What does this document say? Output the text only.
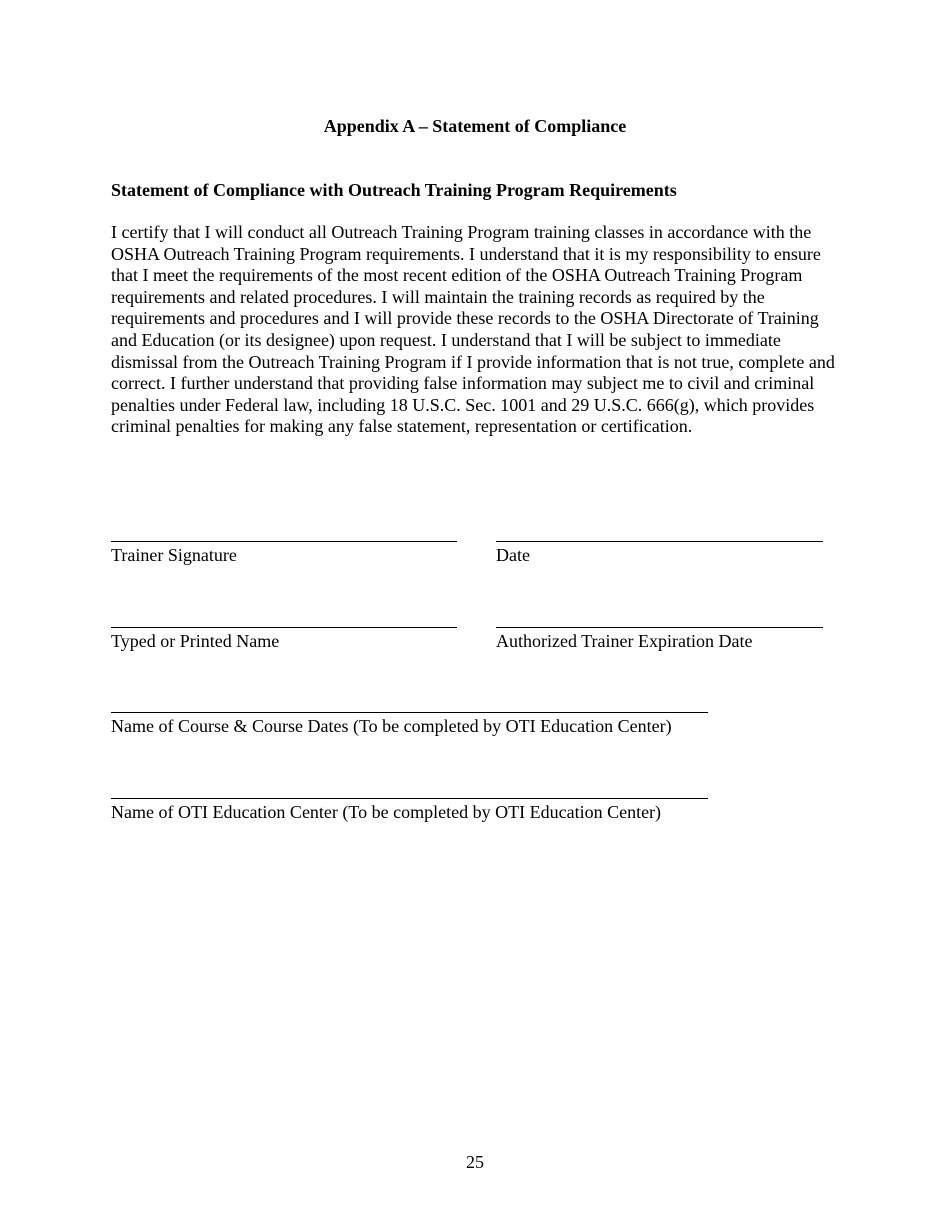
Appendix A – Statement of Compliance
Statement of Compliance with Outreach Training Program Requirements

I certify that I will conduct all Outreach Training Program training classes in accordance with the OSHA Outreach Training Program requirements. I understand that it is my responsibility to ensure that I meet the requirements of the most recent edition of the OSHA Outreach Training Program requirements and related procedures. I will maintain the training records as required by the requirements and procedures and I will provide these records to the OSHA Directorate of Training and Education (or its designee) upon request. I understand that I will be subject to immediate dismissal from the Outreach Training Program if I provide information that is not true, complete and correct. I further understand that providing false information may subject me to civil and criminal penalties under Federal law, including 18 U.S.C. Sec. 1001 and 29 U.S.C. 666(g), which provides criminal penalties for making any false statement, representation or certification.

Trainer Signature	Date
Typed or Printed Name	Authorized Trainer Expiration Date
Name of Course & Course Dates (To be completed by OTI Education Center)
Name of OTI Education Center (To be completed by OTI Education Center)
25
